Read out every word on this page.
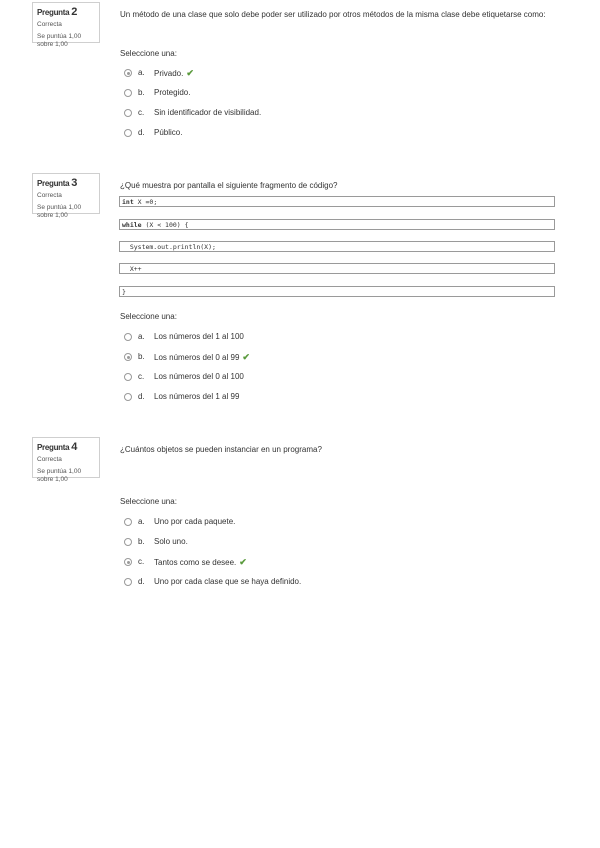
Pregunta 2
Correcta
Se puntúa 1,00 sobre 1,00
Un método de una clase que solo debe poder ser utilizado por otros métodos de la misma clase debe etiquetarse como:
Seleccione una:
a. Privado. ✔
b. Protegido.
c. Sin identificador de visibilidad.
d. Público.
Pregunta 3
Correcta
Se puntúa 1,00 sobre 1,00
¿Qué muestra por pantalla el siguiente fragmento de código?
int X =0;
while (X < 100) {
System.out.println(X);
X++
}
Seleccione una:
a. Los números del 1 al 100
b. Los números del 0 al 99 ✔
c. Los números del 0 al 100
d. Los números del 1 al 99
Pregunta 4
Correcta
Se puntúa 1,00 sobre 1,00
¿Cuántos objetos se pueden instanciar en un programa?
Seleccione una:
a. Uno por cada paquete.
b. Solo uno.
c. Tantos como se desee. ✔
d. Uno por cada clase que se haya definido.
